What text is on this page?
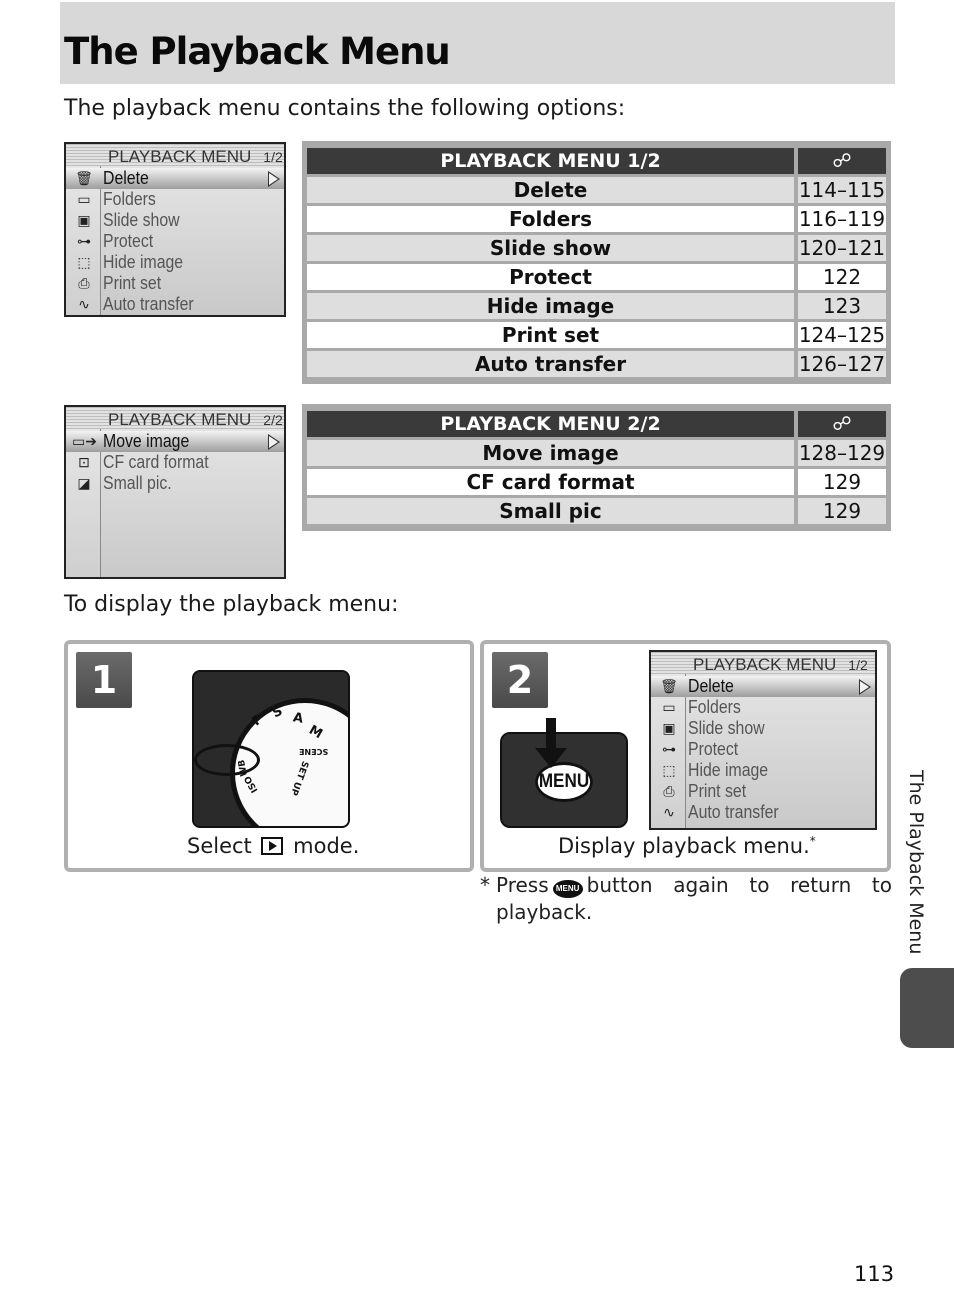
The Playback Menu

The playback menu contains the following options:

PLAYBACK MENU 1/2
🗑 Delete
▭ Folders
▣ Slide show
⊶ Protect
⬚ Hide image
⎙ Print set
∿ Auto transfer
PLAYBACK MENU 1/2	☍
Delete	114–115
Folders	116–119
Slide show	120–121
Protect	122
Hide image	123
Print set	124–125
Auto transfer	126–127
PLAYBACK MENU 2/2
▭➔ Move image
⊡ CF card format
◪ Small pic.
PLAYBACK MENU 2/2	☍
Move image	128–129
CF card format	129
Small pic	129

To display the playback menu:

1
P S A
M
SCENE
SET UP
ISO
WB
Select mode.
2
MENU
PLAYBACK MENU 1/2
🗑 Delete
▭ Folders
▣ Slide show
⊶ Protect
⬚ Hide image
⎙ Print set
∿ Auto transfer
Display playback menu.*
* Press MENU button again to return to playback.	The Playback Menu
113
